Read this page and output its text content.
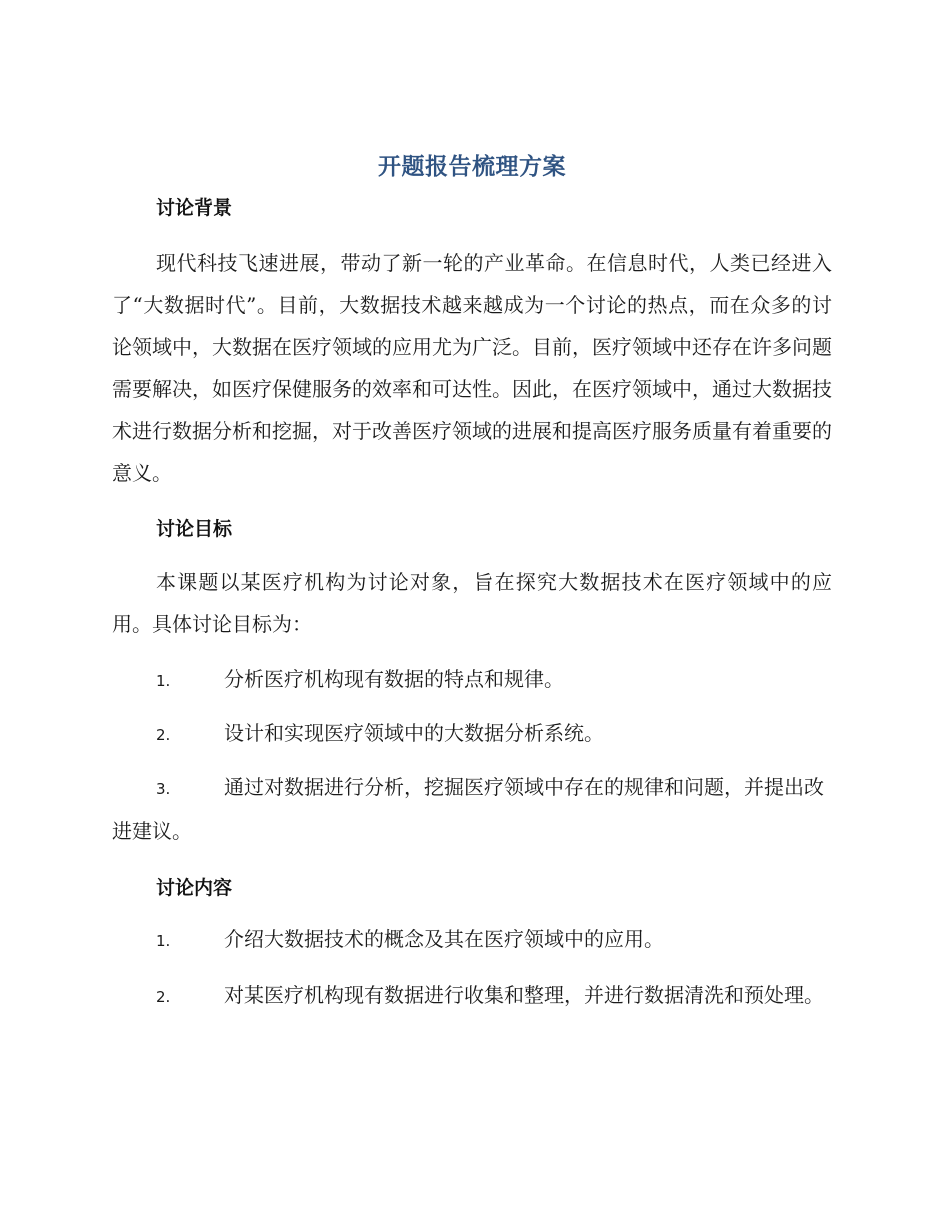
开题报告梳理方案
讨论背景

现代科技飞速进展，带动了新一轮的产业革命。在信息时代，人类已经进入了“大数据时代”。目前，大数据技术越来越成为一个讨论的热点，而在众多的讨论领域中，大数据在医疗领域的应用尤为广泛。目前，医疗领域中还存在许多问题需要解决，如医疗保健服务的效率和可达性。因此，在医疗领域中，通过大数据技术进行数据分析和挖掘，对于改善医疗领域的进展和提高医疗服务质量有着重要的意义。

讨论目标

本课题以某医疗机构为讨论对象，旨在探究大数据技术在医疗领域中的应用。具体讨论目标为：

1.	分析医疗机构现有数据的特点和规律。
2.	设计和实现医疗领域中的大数据分析系统。
3.	通过对数据进行分析，挖掘医疗领域中存在的规律和问题，并提出改进建议。
讨论内容
1.	介绍大数据技术的概念及其在医疗领域中的应用。
2.	对某医疗机构现有数据进行收集和整理，并进行数据清洗和预处理。
